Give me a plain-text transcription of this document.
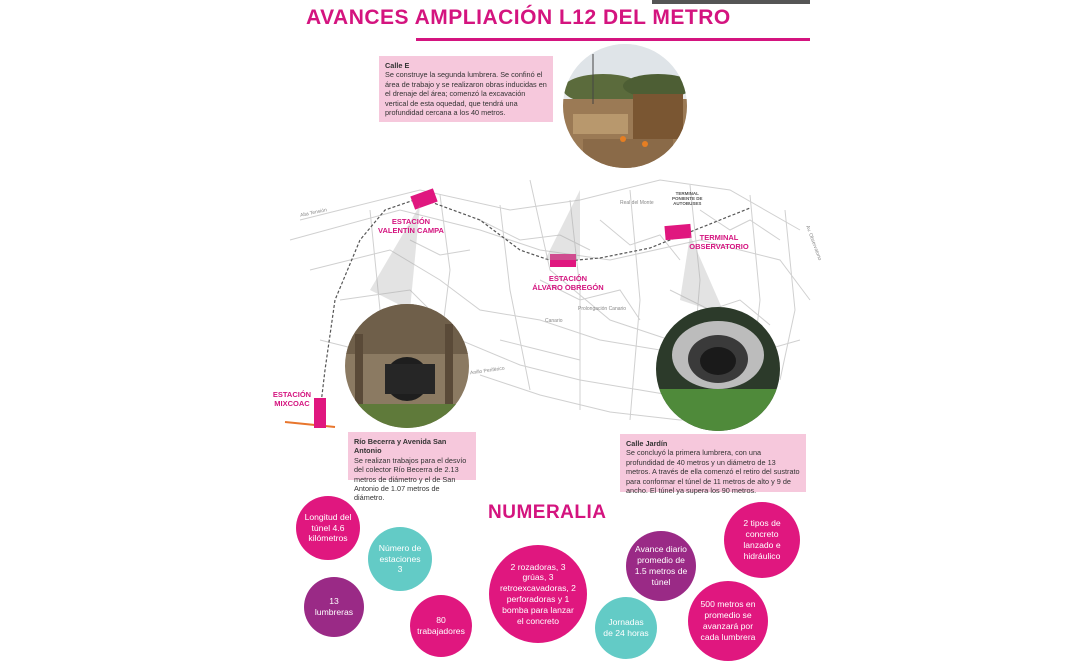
AVANCES AMPLIACIÓN L12 DEL METRO
Alta Tensión
Anillo Periférico
Prolongación Canario
Canario
Real del Monte
Av. Observatorio
TERMINAL
PONIENTE DE
AUTOBUSES
ESTACIÓN
VALENTÍN CAMPA
ESTACIÓN
ÁLVARO OBREGÓN
TERMINAL
OBSERVATORIO
ESTACIÓN
MIXCOAC
Calle E
Se construye la segunda lumbrera. Se confinó el área de trabajo y se realizaron obras inducidas en el drenaje del área; comenzó la excavación vertical de esta oquedad, que tendrá una profundidad cercana a los 40 metros.
Río Becerra y Avenida San Antonio
Se realizan trabajos para el desvío del colector Río Becerra de 2.13 metros de diámetro y el de San Antonio de 1.07 metros de diámetro.
Calle Jardín
Se concluyó la primera lumbrera, con una profundidad de 40 metros y un diámetro de 13 metros. A través de ella comenzó el retiro del sustrato para conformar el túnel de 11 metros de alto y 9 de ancho. El túnel ya supera los 90 metros.
NUMERALIA
Longitud del túnel 4.6 kilómetros
Número de estaciones 3
13 lumbreras
80 trabajadores
2 rozadoras, 3 grúas, 3 retroexcavadoras, 2 perforadoras y 1 bomba para lanzar el concreto
Avance diario promedio de 1.5 metros de túnel
Jornadas de 24 horas
2 tipos de concreto lanzado e hidráulico
500 metros en promedio se avanzará por cada lumbrera
